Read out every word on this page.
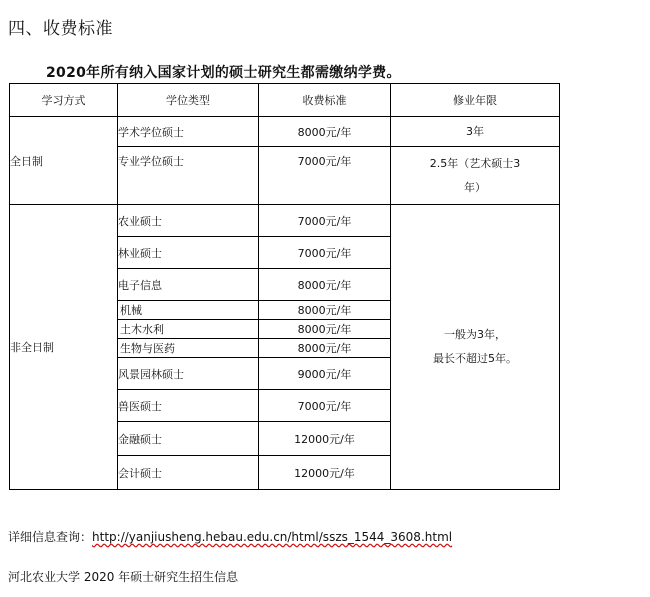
四、收费标准

2020年所有纳入国家计划的硕士研究生都需缴纳学费。

学习方式	学位类型	收费标准	修业年限
全日制	学术学位硕士	8000元/年	3年
	专业学位硕士	7000元/年	2.5年（艺术硕士3
年）

非全日制	农业硕士	7000元/年	一般为3年，
最长不超过5年。

	林业硕士	7000元/年	
	电子信息	8000元/年	
	机械	8000元/年	
	土木水利	8000元/年	
	生物与医药	8000元/年	
	风景园林硕士	9000元/年	
	兽医硕士	7000元/年	
	金融硕士	12000元/年	
	会计硕士	12000元/年	

详细信息查询：http://yanjiusheng.hebau.edu.cn/html/sszs_1544_3608.html

河北农业大学 2020 年硕士研究生招生信息
